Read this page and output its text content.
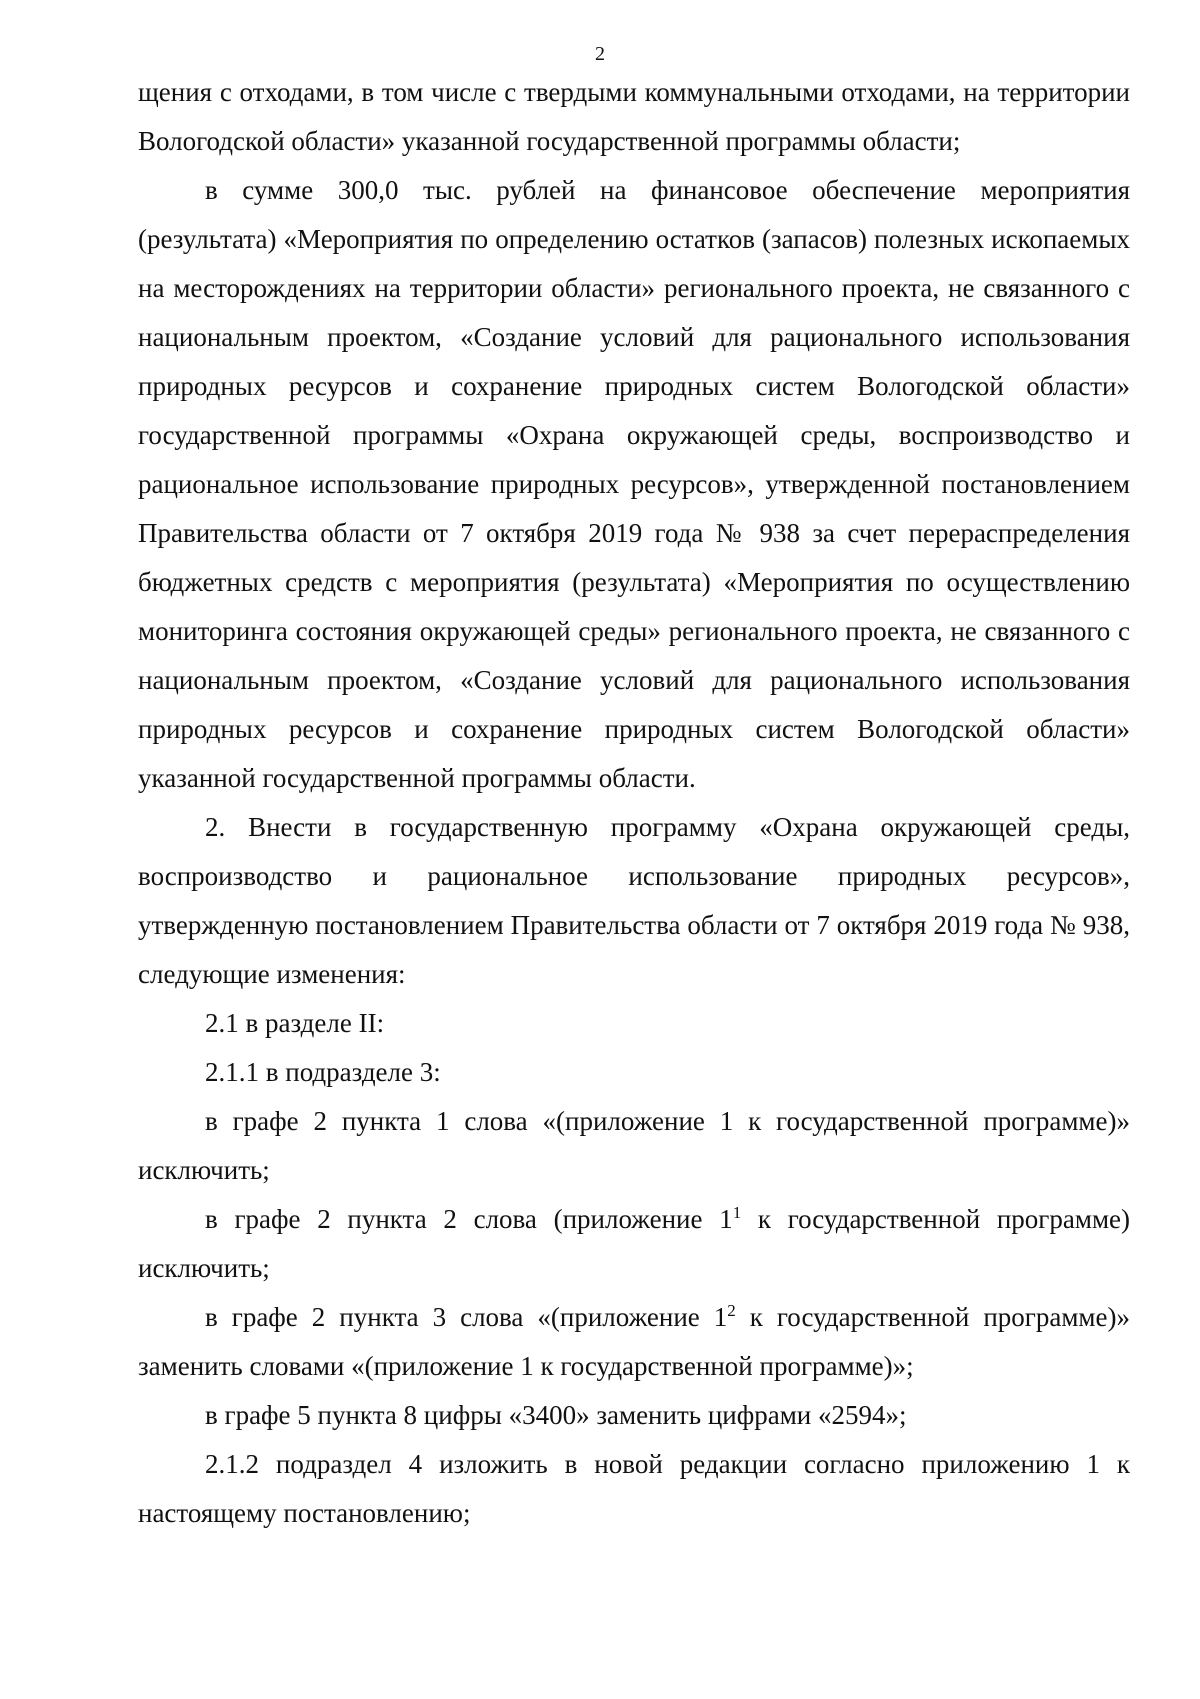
2

щения с отходами, в том числе с твердыми коммунальными отходами, на территории Вологодской области» указанной государственной программы области;

в сумме 300,0 тыс. рублей на финансовое обеспечение мероприятия (результата) «Мероприятия по определению остатков (запасов) полезных ископаемых на месторождениях на территории области» регионального проекта, не связанного с национальным проектом, «Создание условий для рационального использования природных ресурсов и сохранение природных систем Вологодской области» государственной программы «Охрана окружающей среды, воспроизводство и рациональное использование природных ресурсов», утвержденной постановлением Правительства области от 7 октября 2019 года № 938 за счет перераспределения бюджетных средств с мероприятия (результата) «Мероприятия по осуществлению мониторинга состояния окружающей среды» регионального проекта, не связанного с национальным проектом, «Создание условий для рационального использования природных ресурсов и сохранение природных систем Вологодской области» указанной государственной программы области.

2. Внести в государственную программу «Охрана окружающей среды, воспроизводство и рациональное использование природных ресурсов», утвержденную постановлением Правительства области от 7 октября 2019 года № 938, следующие изменения:

2.1 в разделе II:

2.1.1 в подразделе 3:

в графе 2 пункта 1 слова «(приложение 1 к государственной программе)» исключить;

в графе 2 пункта 2 слова (приложение $1^1$ к государственной программе) исключить;

в графе 2 пункта 3 слова «(приложение $1^2$ к государственной программе)» заменить словами «(приложение 1 к государственной программе)»;

в графе 5 пункта 8 цифры «3400» заменить цифрами «2594»;

2.1.2 подраздел 4 изложить в новой редакции согласно приложению 1 к настоящему постановлению;
